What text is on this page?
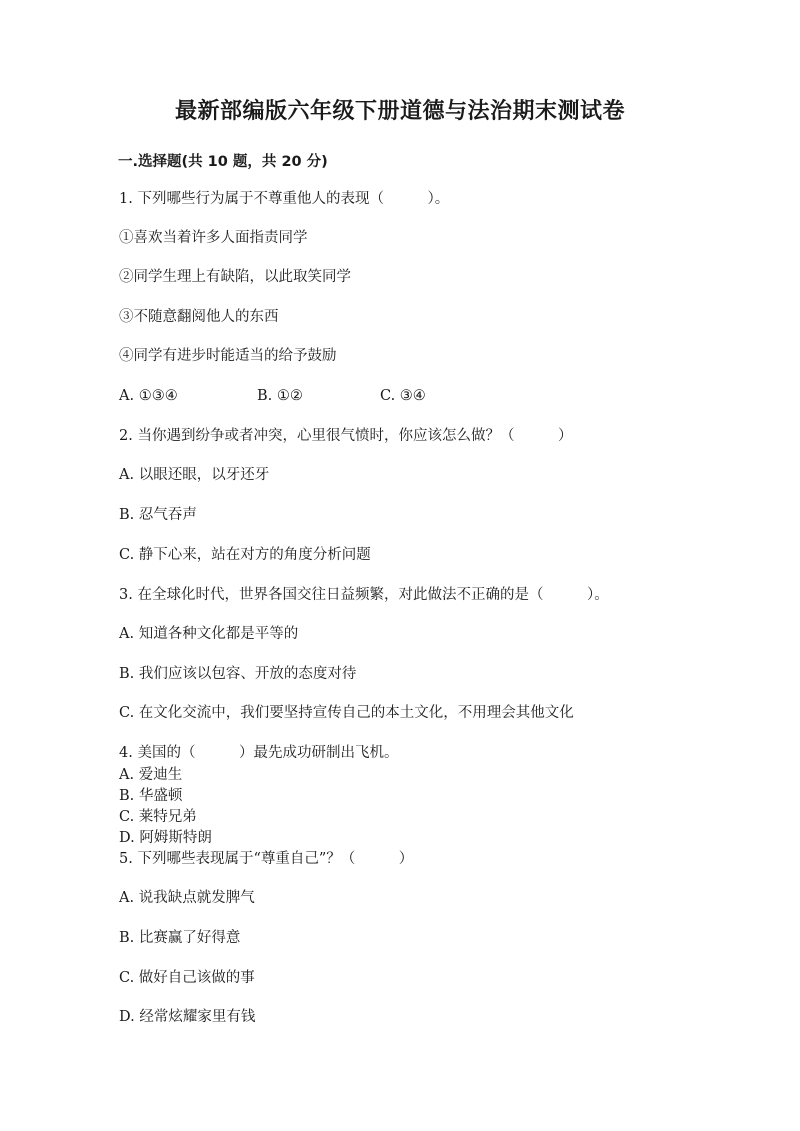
最新部编版六年级下册道德与法治期末测试卷
一.选择题(共 10 题，共 20 分)
1. 下列哪些行为属于不尊重他人的表现（　　　）。
①喜欢当着许多人面指责同学
②同学生理上有缺陷，以此取笑同学
③不随意翻阅他人的东西
④同学有进步时能适当的给予鼓励
A. ①③④	B. ①②	C. ③④
2. 当你遇到纷争或者冲突，心里很气愤时，你应该怎么做？（　　　）
A. 以眼还眼，以牙还牙
B. 忍气吞声
C. 静下心来，站在对方的角度分析问题
3. 在全球化时代，世界各国交往日益频繁，对此做法不正确的是（　　　）。
A. 知道各种文化都是平等的
B. 我们应该以包容、开放的态度对待
C. 在文化交流中，我们要坚持宣传自己的本土文化，不用理会其他文化
4. 美国的（　　　）最先成功研制出飞机。
A. 爱迪生
B. 华盛顿
C. 莱特兄弟
D. 阿姆斯特朗
5. 下列哪些表现属于“尊重自己”？（　　　）
A. 说我缺点就发脾气
B. 比赛赢了好得意
C. 做好自己该做的事
D. 经常炫耀家里有钱
